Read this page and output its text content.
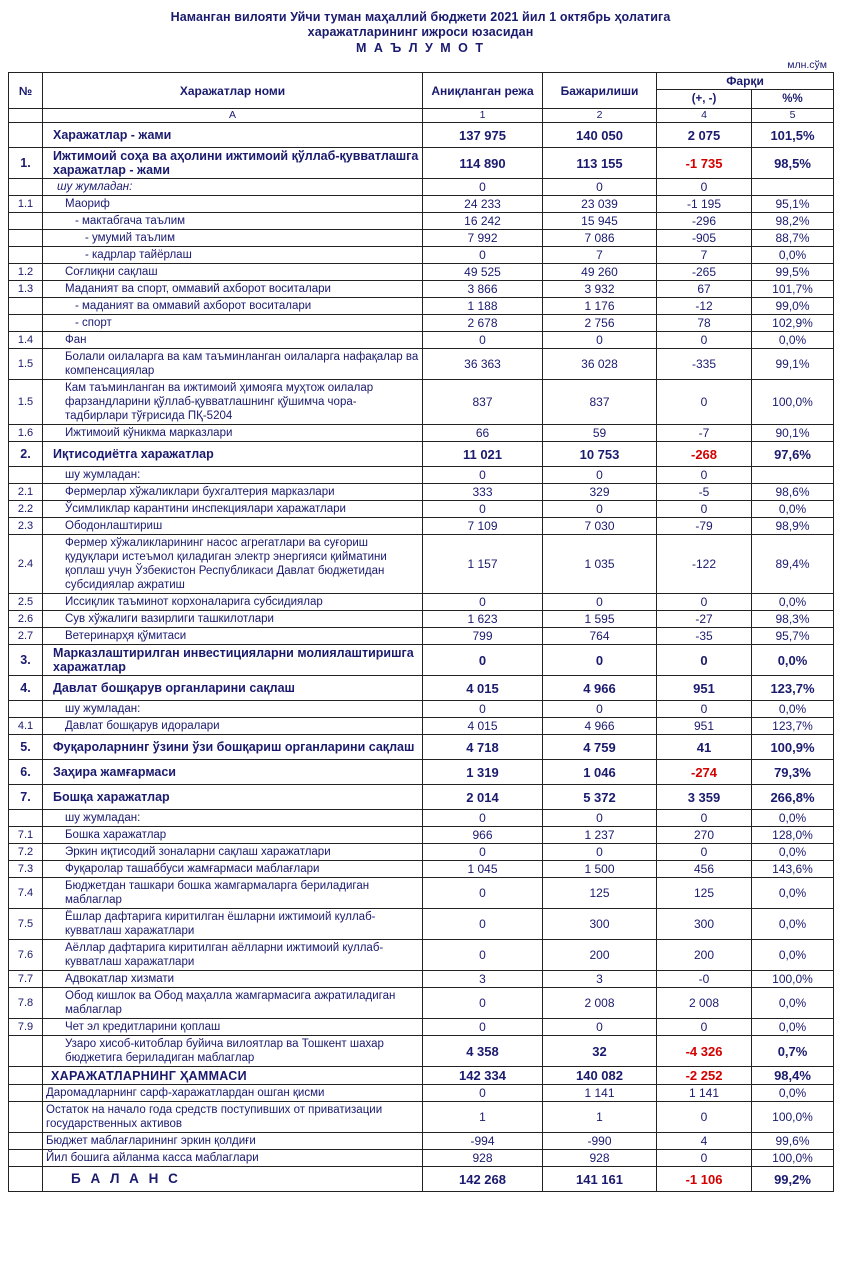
Наманган вилояти Уйчи туман маҳаллий бюджети 2021 йил 1 октябрь ҳолатига
харажатларининг ижроси юзасидан
М А Ъ Л У М О Т
млн.сўм
№	Харажатлар номи	Аниқланган режа	Бажарилиши	Фарқи	
				(+, -)	%%
	А	1	2	4	5
	Харажатлар - жами	137 975	140 050	2 075	101,5%
1.	Ижтимоий соҳа ва аҳолини ижтимоий қўллаб-қувватлашга харажатлар - жами	114 890	113 155	-1 735	98,5%
	шу жумладан:	0	0	0	
1.1	Маориф	24 233	23 039	-1 195	95,1%
	- мактабгача таълим	16 242	15 945	-296	98,2%
	- умумий таълим	7 992	7 086	-905	88,7%
	- кадрлар тайёрлаш	0	7	7	0,0%
1.2	Соғлиқни сақлаш	49 525	49 260	-265	99,5%
1.3	Маданият ва спорт, оммавий ахборот воситалари	3 866	3 932	67	101,7%
	- маданият ва оммавий ахборот воситалари	1 188	1 176	-12	99,0%
	- спорт	2 678	2 756	78	102,9%
1.4	Фан	0	0	0	0,0%
1.5	Болали оилаларга ва кам таъминланган оилаларга нафақалар ва компенсациялар	36 363	36 028	-335	99,1%
1.5	Кам таъминланган ва ижтимоий ҳимояга муҳтож оилалар фарзандларини қўллаб-қувватлашнинг қўшимча чора-тадбирлари тўғрисида ПҚ-5204	837	837	0	100,0%
1.6	Ижтимоий кўникма марказлари	66	59	-7	90,1%
2.	Иқтисодиётга харажатлар	11 021	10 753	-268	97,6%
	шу жумладан:	0	0	0	
2.1	Фермерлар хўжаликлари бухгалтерия марказлари	333	329	-5	98,6%
2.2	Ўсимликлар карантини инспекциялари харажатлари	0	0	0	0,0%
2.3	Ободонлаштириш	7 109	7 030	-79	98,9%
2.4	Фермер хўжаликларининг насос агрегатлари ва суғориш қудуқлари истеъмол қиладиган электр энергияси қийматини қоплаш учун Ўзбекистон Республикаси Давлат бюджетидан субсидиялар ажратиш	1 157	1 035	-122	89,4%
2.5	Иссиқлик таъминот корхоналарига субсидиялар	0	0	0	0,0%
2.6	Сув хўжалиги вазирлиги ташкилотлари	1 623	1 595	-27	98,3%
2.7	Ветеринарҳя қўмитаси	799	764	-35	95,7%
3.	Марказлаштирилган инвестицияларни молиялаштиришга харажатлар	0	0	0	0,0%
4.	Давлат бошқарув органларини сақлаш	4 015	4 966	951	123,7%
	шу жумладан:	0	0	0	0,0%
4.1	Давлат бошқарув идоралари	4 015	4 966	951	123,7%
5.	Фуқароларнинг ўзини ўзи бошқариш органларини сақлаш	4 718	4 759	41	100,9%
6.	Заҳира жамғармаси	1 319	1 046	-274	79,3%
7.	Бошқа харажатлар	2 014	5 372	3 359	266,8%
	шу жумладан:	0	0	0	0,0%
7.1	Бошка харажатлар	966	1 237	270	128,0%
7.2	Эркин иқтисодий зоналарни сақлаш харажатлари	0	0	0	0,0%
7.3	Фуқаролар ташаббуси жамғармаси маблағлари	1 045	1 500	456	143,6%
7.4	Бюджетдан ташкари бошка жамгармаларга бериладиган маблаглар	0	125	125	0,0%
7.5	Ёшлар дафтарига киритилган ёшларни ижтимоий куллаб-кувватлаш харажатлари	0	300	300	0,0%
7.6	Аёллар дафтарига киритилган аёлларни ижтимоий куллаб-кувватлаш харажатлари	0	200	200	0,0%
7.7	Адвокатлар хизмати	3	3	-0	100,0%
7.8	Обод кишлок ва Обод маҳалла жамгармасига ажратиладиган маблаглар	0	2 008	2 008	0,0%
7.9	Чет эл кредитларини қоплаш	0	0	0	0,0%
	Узаро хисоб-китоблар буйича вилоятлар ва Тошкент шахар бюджетига бериладиган маблаглар	4 358	32	-4 326	0,7%
	ХАРАЖАТЛАРНИНГ ҲАММАСИ	142 334	140 082	-2 252	98,4%
	Даромадларнинг сарф-харажатлардан ошган қисми	0	1 141	1 141	0,0%
	Остаток на начало года средств поступивших от приватизации государственных активов	1	1	0	100,0%
	Бюджет маблағларининг эркин қолдиғи	-994	-990	4	99,6%
	Йил бошига айланма касса маблаглари	928	928	0	100,0%
	Б А Л А Н С	142 268	141 161	-1 106	99,2%
